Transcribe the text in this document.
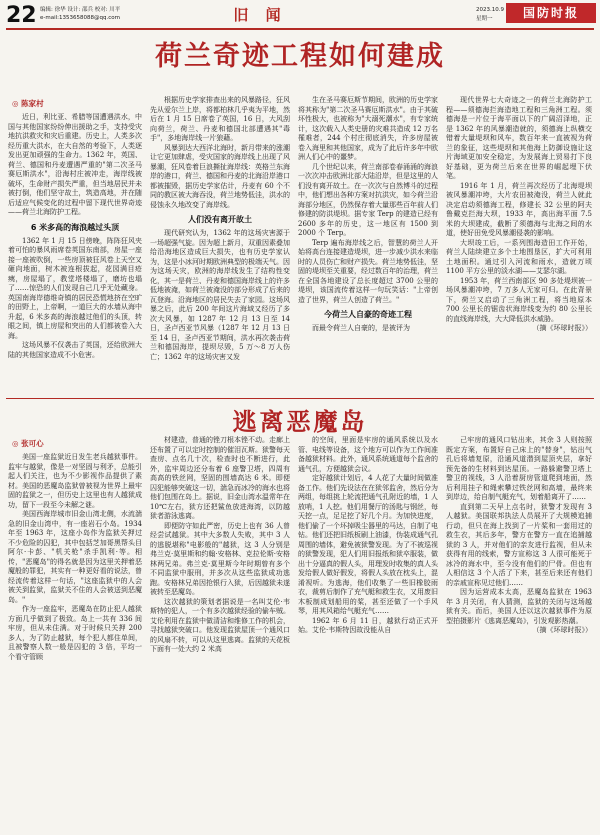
22 编辑: 徐华 设计: 邵兵 校对: 川平
e-mail:1353658088@qq.com	旧 闻	2023.10.9
星期一	国防时报
荷兰奇迹工程如何建成
◎ 陈家村

近日，利比亚、希腊等国遭遇洪水，中国与其他国家纷纷伸出援助之手，支持受灾地抗洪救灾和灾后重建。历史上，人类多次经历重大洪水，在大自然的考验下，人类逐发出更加顽强的生命力。1362 年，英国、荷兰、德国和丹麦遭遇严重的"第二次圣马赛厄斯洪水"，沿海村庄被冲走，海岸线被破坏，生命财产损失严重，但当地居民并未被打倒，他们坚守故土，筑造高地，并在随后适应气候变化的过程中留下现代世界奇迹——荷兰北海防护工程。

6 米多高的海浪越过头顶

1362 年 1 月 15 日傍晚，阵阵狂风夹着可怕的暴风雨席卷英国东南部，房屋一座接一座被吹倒，一些房顶被狂风卷上天空又砸向地面，树木被连根拔起，花园满目疮痍，房屋塌了，教堂塔楼塌了，磨坊也塌了……惊恐的人们发现自己几乎无处藏身。英国南海岸德维奇镇的居民恐慌地挤在空旷的田野上，上帝啊，一道巨大的水墙从海中升起，6 米多高的海浪越过他们的头顶，转眼之间，镇上房屋和突出的人们都被卷入大海。

这场风暴不仅袭击了英国，还给欧洲大陆的其他国家造成不小危害。

根据历史学家排查出来的风暴路径，狂风先从爱尔兰上岸，将都柏林几乎夷为平地，然后在 1 月 15 日席卷了英国，16 日，大风刮向荷兰，荷兰、丹麦和德国北部遭遇其"毒手"，多地海岸线一片狼藉。

风暴到达大西洋北海时，新月带来的涨潮让它更加肆虐，受灾国家的海岸线上出现了风暴潮，狂风卷着巨浪撕扯海岸线：英格兰东海岸的港口，荷兰、德国和丹麦的北海沿岸港口都被摧毁，据历史学家估计，丹麦有 60 个不同的教区被大海吞没，荷兰地势低洼，洪水的侵蚀永久地改变了海岸线。

人们没有离开故土

现代研究认为，1362 年的这场灾害源于一场超强气旋。因为超上新月，双重因素叠加给沿海地区造成巨大损失，也有历史学家认为，这是小冰河时期欧洲典型的极端天气。因为这场天灾，欧洲的海岸线发生了结构性变化，其一是荷兰、丹麦和德国海岸线上的许多低地被淹，如荷兰被淹没的部分形成了后来的瓦登海。沿海地区的居民失去了家园。这场风暴之后，此后 200 年间这片海域又经历了多次大风暴，如 1287 年 12 月 13 日至 14 日，圣卢西亚节风暴（1287 年 12 月 13 日至 14 日，圣卢西亚节期间，洪水再次袭击荷兰和德国海岸，提坝尽毁，5 万～8 万人伤亡；1362 年的这场灾害又发

生在圣马赛厄斯节期间，欧洲的历史学家将其称为"第二次圣马赛厄斯洪水"。由于其破坏性极大，也被称为"大溺死潮水"，有专家统计，这次载入人类史册的灾难共造成 12 万名罹难者，244 个村庄彻底消失，许多房屋被卷入海里和其他国家，成为了此后许多年中欧洲人们心中的噩梦。

几个世纪以来，荷兰南部卷春涌涌的海浪一次次冲击欧洲北部大陆沿岸，但是这里的人们没有离开故土。在一次次与自然博斗的过程中，他们想出各种方案对抗洪灾，如今荷兰沿海部分地区，仍然保存着大量那些百年前人们修建的防洪堤坝。据专家 Terp 的建造已经有 2600 多年的历史，这一地区有 1500 到 2000 个 Terp。

Terp 遍布海岸线之后，智慧的荷兰人开始将高台连接建造堤坝，进一步减少洪水来临时的人员伤亡和财产损失。荷兰地势低洼，坚固的堤坝至关重要，经过数百年的治理，荷兰在全国各地建设了总长度超过 3700 公里的堤坝，该国流传着这样一句玩笑话："上帝创造了世界，荷兰人创造了荷兰。"

今荷兰人自豪的奇迹工程

而最令荷兰人自豪的，是被评为

现代世界七大奇迹之一的荷兰北海防护工程——须德海拦海造地工程和三角洲工程。须德海是一片位于海平面以下的广阔沼泽地，正是 1362 年的风暴潮造就的，须德海上纵横交错着大量堤坝和风车，数百年来一直被视为荷兰的象征，这些堤坝和其他海上防御设施让这片海域更加安全稳定，为发展海上贸易打下良好基础，更为荷兰后来在世界的崛起埋下伏笔。

1916 年 1 月，荷兰再次经历了北海堤坝被风暴潮冲垮，大片农田被淹没，荷兰人就此决定启动须德海工程，修建长 32 公里的阿夫鲁戴克拦海大坝，1933 年，高出海平面 7.5 米的大坝建成，截断了须德海与北海之间的水道，使好田免受风暴潮侵袭的影响。

大坝竣工后，一系列围海造田工作开始，荷兰人陆续建立多个土地围垦区，扩大可利用土地面积。通过引入河流和雨水，造就万顷 1100 平方公里的淡水湖——艾瑟尔湖。

1953 年，荷兰西南部区 90 多处堤坝被一场风暴潮冲垮，7 万多人无家可归。在此背景下，荷兰又启动了三角洲工程，将当地原本 700 公里长的锯齿状海岸线变为约 80 公里长的直线海岸线，大大降低洪水威胁。

（摘《环球时报》）
逃离恶魔岛
◎ 张可心

美国一座监狱近日发生老兵越狱事件。监牢与越狱，像是一对坚固与利矛，总能引起人们关注，也为不少影视作品提供了素材。美国的恶魔岛监狱曾被视为世界上最牢固的监狱之一，但历史上这里也有人越狱成功，留下一段至今未解之谜。

美国西海岸城市旧金山湾北侧，水流湍急的旧金山湾中，有一座岩石小岛。1934 年至 1963 年，这座小岛作为监狱关押过不少危险的囚犯，其中包括芝加哥黑帮头目阿尔·卡彭、"机关枪"杀手凯利·等。相传，"恶魔岛"的得名就是因为这里关押着恶魔般的罪犯，其实有一种更好看的说法，曾经流传着这样一句话，"这座监狱中的人会被关到监狱，监狱关不住的人会被送到恶魔岛。"

作为一座监牢，恶魔岛在防止犯人越狱方面几乎做到了极致。岛上一共有 336 间牢房，但从未住满。对于时候只关押 200 多人，为了防止越狱，每个犯人都住单间，且被警察人数一般是囚犯的 3 倍，平均一个看守管顾

材建造，普通的锉刀根本锉不动。走廊上还布置了可以定时控制的催泪瓦斯。狱警每天查房、点名几十次，检查时也不断进行，此外，监牢周边还分布着 6 座警卫塔，四周有高高的铁丝网，坚固的围墙高达 6 米。即便囚犯能够突破这一切，湍急而冰冷的海水也将他们包围在岛上。据说，旧金山湾水温常年在 10℃左右，狱方还把鲨鱼放进海湾，以防越狱者游泳逃离。

即便防守如此严密，历史上也有 36 人曾经尝试越狱。其中大多数人失败，其中 3 人的逃脱堪称"电影般的"越狱，这 3 人分别是弗兰克·莫里斯和约翰·安格林、克拉伦斯·安格林两兄弟。弗兰克·莫里斯今年时期曾有多个不同监狱中服刑，并多次从这些监狱成功逃跑。安格林兄弟因抢银行入狱，后因越狱未遂被转至恶魔岛。

这次越狱的策划者据说是一名叫艾伦·韦斯特的犯人，一个有多次越狱经验的偷车贼。艾伦利用在监狱中做清洁和维修工作的机会，寻找越狱突破口。他发现监狱屋顶一个通风口的风扇不转，可以从这里逃离。监狱的天花板下面有一处大约 2 米高

的空间，里面是牢房的通风系统以及水管、电线等设备，这个地方可以作为工作间准备越狱材料。此外，通风系统通道每个监舍的通气孔，方便越狱会议。

定好越狱计划后，4 人花了大量时间做准备工作。他们先设法在在狱邻监舍，然后分为两组，每组挑上轮流把通气孔附近的墙，1 人放哨，1 人挖。他们用餐厅的汤匙与钢丝，每天挖一点，足足挖了好几个月。为加快进度，他们偷了一个坏掉吸尘器里的马达，自制了电钻。他们还把旧纸板刷上油漆，伪装成通气孔周围的墙体，避免被狱警发现。为了不被巡视的狱警发现，犯人们用旧报纸和狱卒服装，做出十分逼真的假人头，用理发时收集的真人头发给假人做好假发，将假人头放在枕头上，混淆视听。为逃海，他们收集了一些旧橡胶雨衣，裁剪后制作了充气艇和救生衣，又用废旧木板制成划船用的桨，甚至还做了一个手风琴，用其风箱给气艇充气……

1962 年 6 月 11 日，越狱行动正式开始。艾伦·韦斯特因故没能从自

己牢房的通风口钻出来，其余 3 人则按照既定方案，布置好自己床上的"替身"，钻出气孔后将墙复原，沿通风道潜到屋顶夹层，拿好预先备的生材料到达屋顶。一路躲避警卫塔上警卫的视线，3 人沿着厨房管道爬到地面，然后利用挂子和绳索攀过铁丝网和高墙，最终来到岸边，给自制气艇充气，划着船离开了……

直到第二天早上点名时，狱警才发现有 3 人越狱。美国联邦执法人员展开了大规模追捕行动，但只在海上找到了一片桨和一套用过的救生衣，其后多年，警方在警方一直在追捕越狱的 3 人，并对他们的亲友进行监视，但从未获得有用的线索，警方宣称这 3 人很可能死于冰冷的海水中，至今没有他们的尸骨。但也有人相信这 3 个人活了下来，甚至后来还有他们的亲戚宣称见过他们……

因为运营成本太高，恶魔岛监狱在 1963 年 3 月关闭，有人猜测，监狱的关闭与这场越狱有关。而后，美国人还以这次越狱事件为原型拍摄影片《逃离恶魔岛》，引发观影热潮。

（摘《环球时报》）
